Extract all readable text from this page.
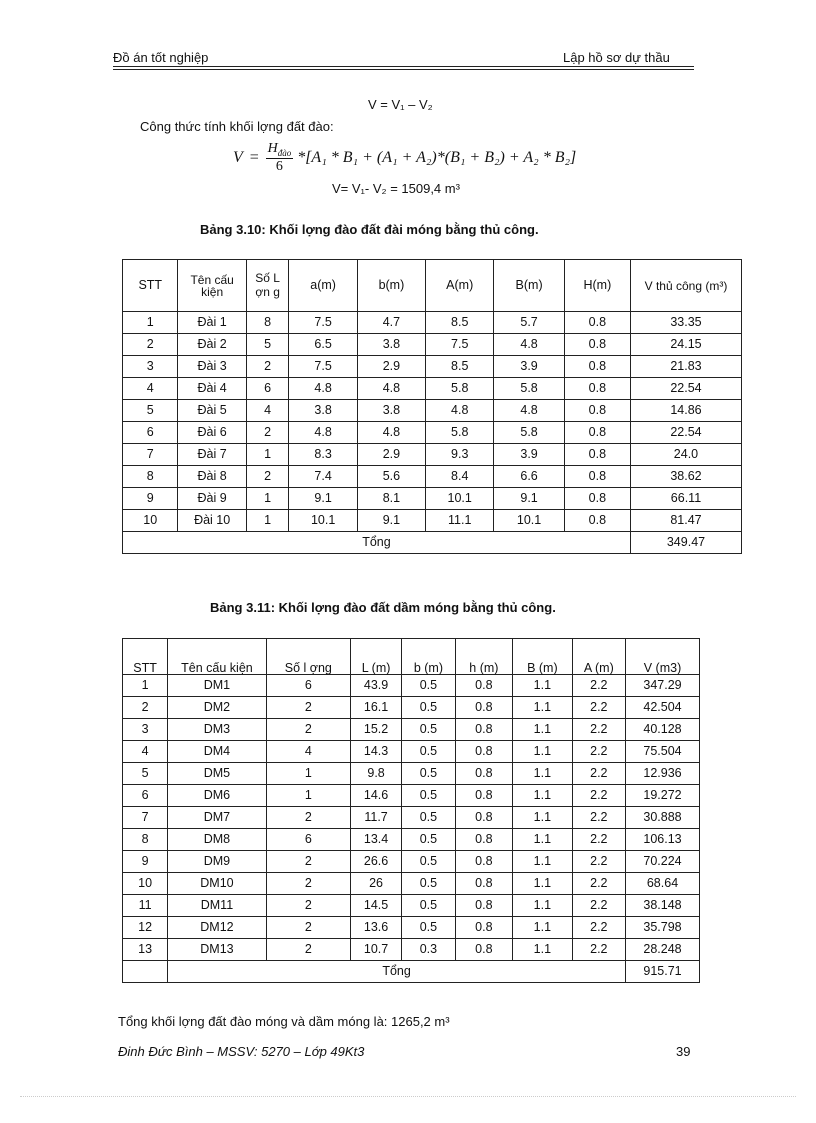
Đồ án tốt nghiệp	Lập hồ sơ dự thầu
V = V₁ – V₂
Công thức tính khối lợng đất đào:
V =
$H_{đào}$
6
*[A₁ * B₁ + (A₁ + A₂)*(B₁ + B₂) + A₂ * B₂]
V= V₁- V₂ = 1509,4 m³
Bảng 3.10: Khối lợng đào đất đài móng bằng thủ công.
STT	Tên cấu kiện	Số L ợn g	a(m)	b(m)	A(m)	B(m)	H(m)	V thủ công (m³)
1	Đài 1	8	7.5	4.7	8.5	5.7	0.8	33.35
2	Đài 2	5	6.5	3.8	7.5	4.8	0.8	24.15
3	Đài 3	2	7.5	2.9	8.5	3.9	0.8	21.83
4	Đài 4	6	4.8	4.8	5.8	5.8	0.8	22.54
5	Đài 5	4	3.8	3.8	4.8	4.8	0.8	14.86
6	Đài 6	2	4.8	4.8	5.8	5.8	0.8	22.54
7	Đài 7	1	8.3	2.9	9.3	3.9	0.8	24.0
8	Đài 8	2	7.4	5.6	8.4	6.6	0.8	38.62
9	Đài 9	1	9.1	8.1	10.1	9.1	0.8	66.11
10	Đài 10	1	10.1	9.1	11.1	10.1	0.8	81.47
Tổng								349.47
Bảng 3.11: Khối lợng đào đất dầm móng bằng thủ công.
STT	Tên cấu kiện	Số l ợng	L (m)	b (m)	h (m)	B (m)	A (m)	V (m3)
1	DM1	6	43.9	0.5	0.8	1.1	2.2	347.29
2	DM2	2	16.1	0.5	0.8	1.1	2.2	42.504
3	DM3	2	15.2	0.5	0.8	1.1	2.2	40.128
4	DM4	4	14.3	0.5	0.8	1.1	2.2	75.504
5	DM5	1	9.8	0.5	0.8	1.1	2.2	12.936
6	DM6	1	14.6	0.5	0.8	1.1	2.2	19.272
7	DM7	2	11.7	0.5	0.8	1.1	2.2	30.888
8	DM8	6	13.4	0.5	0.8	1.1	2.2	106.13
9	DM9	2	26.6	0.5	0.8	1.1	2.2	70.224
10	DM10	2	26	0.5	0.8	1.1	2.2	68.64
11	DM11	2	14.5	0.5	0.8	1.1	2.2	38.148
12	DM12	2	13.6	0.5	0.8	1.1	2.2	35.798
13	DM13	2	10.7	0.3	0.8	1.1	2.2	28.248
	Tổng							915.71
Tổng khối lợng đất đào móng và dầm móng là: 1265,2 m³
Đinh Đức Bình – MSSV: 5270 – Lớp 49Kt3	39
